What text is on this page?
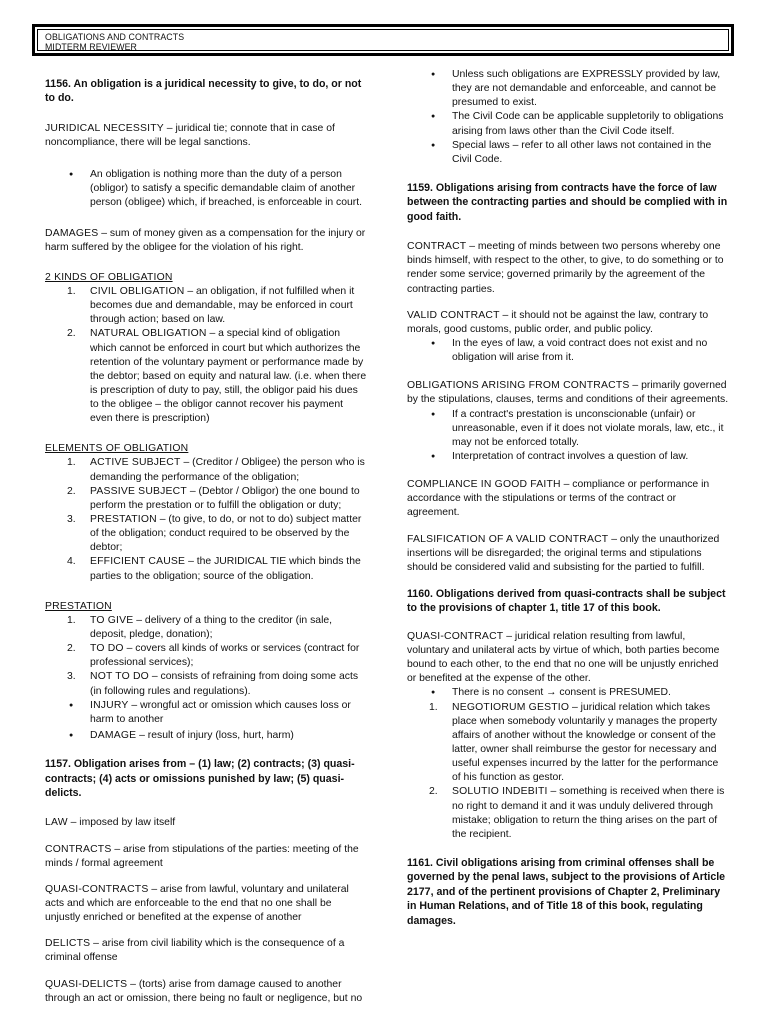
OBLIGATIONS AND CONTRACTS
MIDTERM REVIEWER

1156. An obligation is a juridical necessity to give, to do, or not to do.

JURIDICAL NECESSITY – juridical tie; connote that in case of noncompliance, there will be legal sanctions.

● An obligation is nothing more than the duty of a person (obligor) to satisfy a specific demandable claim of another person (obligee) which, if breached, is enforceable in court.

DAMAGES – sum of money given as a compensation for the injury or harm suffered by the obligee for the violation of his right.

2 KINDS OF OBLIGATION

1. CIVIL OBLIGATION – an obligation, if not fulfilled when it becomes due and demandable, may be enforced in court through action; based on law.
2. NATURAL OBLIGATION – a special kind of obligation which cannot be enforced in court but which authorizes the retention of the voluntary payment or performance made by the debtor; based on equity and natural law. (i.e. when there is prescription of duty to pay, still, the obligor paid his dues to the obligee – the obligor cannot recover his payment even there is prescription)

ELEMENTS OF OBLIGATION

1. ACTIVE SUBJECT – (Creditor / Obligee) the person who is demanding the performance of the obligation;
2. PASSIVE SUBJECT – (Debtor / Obligor) the one bound to perform the prestation or to fulfill the obligation or duty;
3. PRESTATION – (to give, to do, or not to do) subject matter of the obligation; conduct required to be observed by the debtor;
4. EFFICIENT CAUSE – the JURIDICAL TIE which binds the parties to the obligation; source of the obligation.

PRESTATION

1. TO GIVE – delivery of a thing to the creditor (in sale, deposit, pledge, donation);
2. TO DO – covers all kinds of works or services (contract for professional services);
3. NOT TO DO – consists of refraining from doing some acts (in following rules and regulations).
● INJURY – wrongful act or omission which causes loss or harm to another
● DAMAGE – result of injury (loss, hurt, harm)

1157. Obligation arises from – (1) law; (2) contracts; (3) quasi-contracts; (4) acts or omissions punished by law; (5) quasi-delicts.

LAW – imposed by law itself

CONTRACTS – arise from stipulations of the parties: meeting of the minds / formal agreement

QUASI-CONTRACTS – arise from lawful, voluntary and unilateral acts and which are enforceable to the end that no one shall be unjustly enriched or benefited at the expense of another

DELICTS – arise from civil liability which is the consequence of a criminal offense

QUASI-DELICTS – (torts) arise from damage caused to another through an act or omission, there being no fault or negligence, but no

● Unless such obligations are EXPRESSLY provided by law, they are not demandable and enforceable, and cannot be presumed to exist.
● The Civil Code can be applicable suppletorily to obligations arising from laws other than the Civil Code itself.
● Special laws – refer to all other laws not contained in the Civil Code.

1159. Obligations arising from contracts have the force of law between the contracting parties and should be complied with in good faith.

CONTRACT – meeting of minds between two persons whereby one binds himself, with respect to the other, to give, to do something or to render some service; governed primarily by the agreement of the contracting parties.

VALID CONTRACT – it should not be against the law, contrary to morals, good customs, public order, and public policy.

● In the eyes of law, a void contract does not exist and no obligation will arise from it.

OBLIGATIONS ARISING FROM CONTRACTS – primarily governed by the stipulations, clauses, terms and conditions of their agreements.

● If a contract's prestation is unconscionable (unfair) or unreasonable, even if it does not violate morals, law, etc., it may not be enforced totally.
● Interpretation of contract involves a question of law.

COMPLIANCE IN GOOD FAITH – compliance or performance in accordance with the stipulations or terms of the contract or agreement.

FALSIFICATION OF A VALID CONTRACT – only the unauthorized insertions will be disregarded; the original terms and stipulations should be considered valid and subsisting for the partied to fulfill.

1160. Obligations derived from quasi-contracts shall be subject to the provisions of chapter 1, title 17 of this book.

QUASI-CONTRACT – juridical relation resulting from lawful, voluntary and unilateral acts by virtue of which, both parties become bound to each other, to the end that no one will be unjustly enriched or benefited at the expense of the other.

● There is no consent → consent is PRESUMED.
1. NEGOTIORUM GESTIO – juridical relation which takes place when somebody voluntarily y manages the property affairs of another without the knowledge or consent of the latter, owner shall reimburse the gestor for necessary and useful expenses incurred by the latter for the performance of his function as gestor.
2. SOLUTIO INDEBITI – something is received when there is no right to demand it and it was unduly delivered through mistake; obligation to return the thing arises on the part of the recipient.

1161. Civil obligations arising from criminal offenses shall be governed by the penal laws, subject to the provisions of Article 2177, and of the pertinent provisions of Chapter 2, Preliminary in Human Relations, and of Title 18 of this book, regulating damages.
